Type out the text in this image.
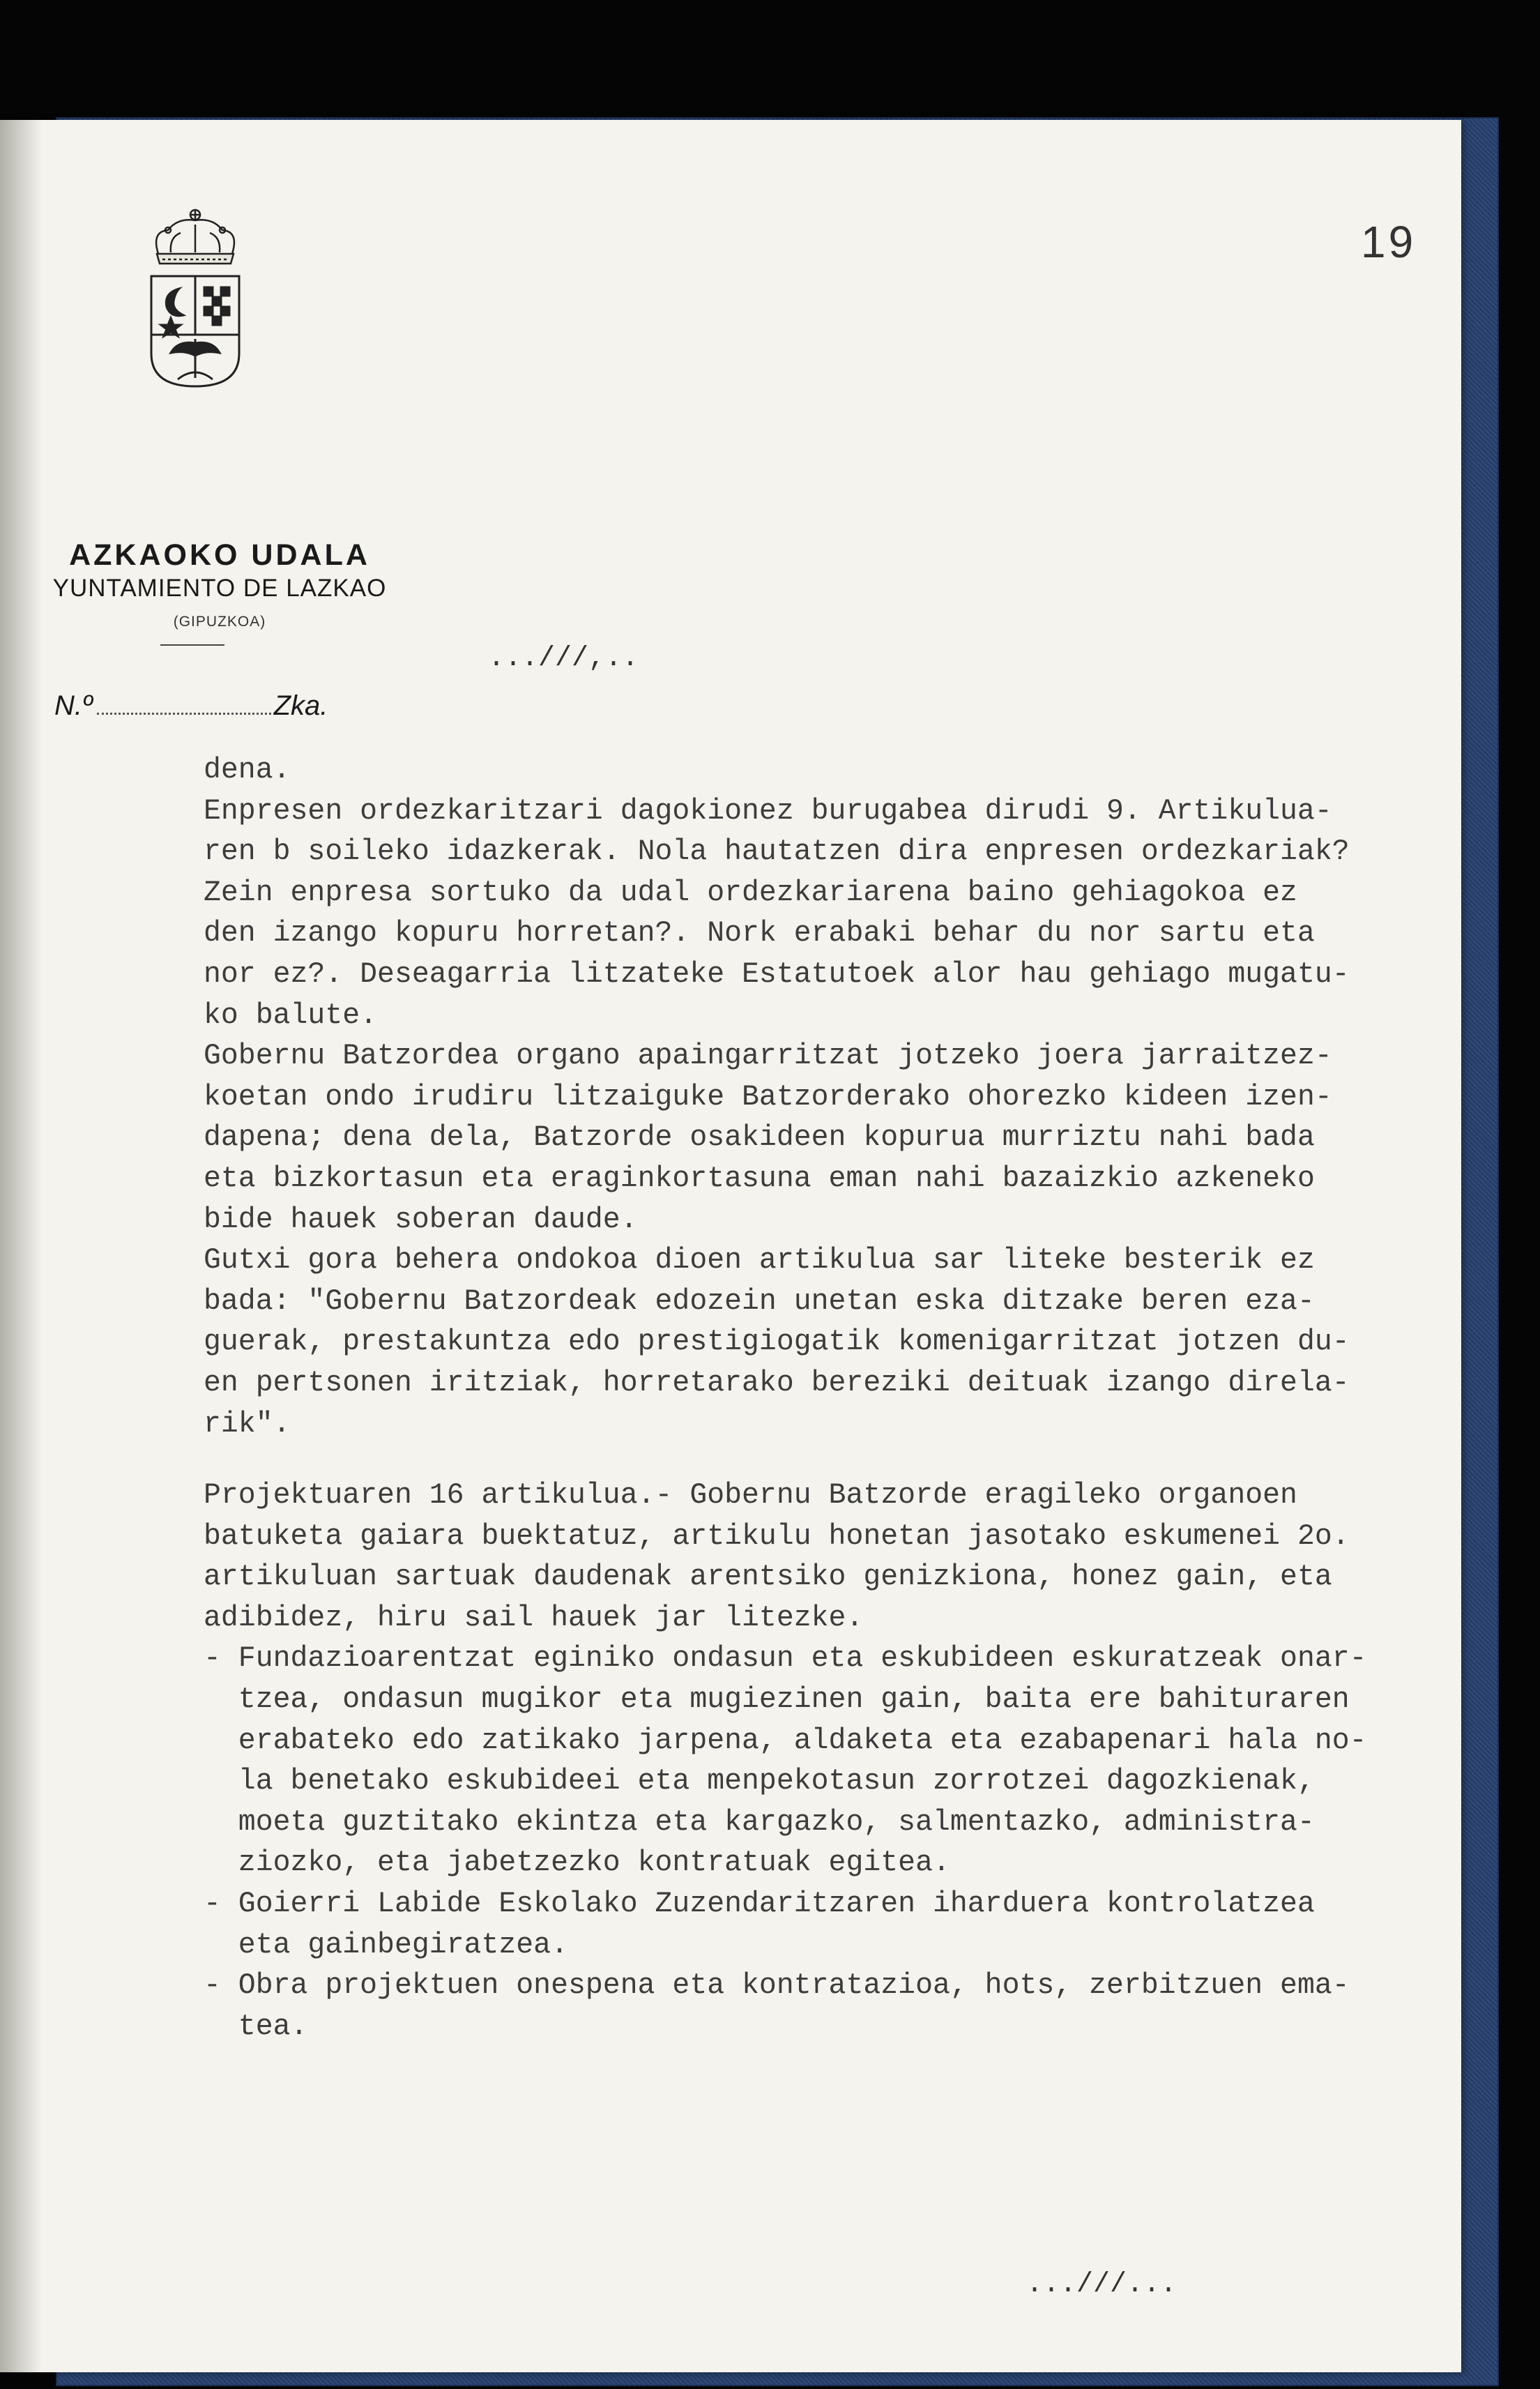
AZKAOKO UDALA
YUNTAMIENTO DE LAZKAO
(GIPUZKOA)
N.º	Zka.
19
...///,..
dena.
Enpresen ordezkaritzari dagokionez burugabea dirudi 9. Artikulua-
ren b soileko idazkerak. Nola hautatzen dira enpresen ordezkariak?
Zein enpresa sortuko da udal ordezkariarena baino gehiagokoa ez
den izango kopuru horretan?. Nork erabaki behar du nor sartu eta
nor ez?. Deseagarria litzateke Estatutoek alor hau gehiago mugatu-
ko balute.
Gobernu Batzordea organo apaingarritzat jotzeko joera jarraitzez-
koetan ondo irudiru litzaiguke Batzorderako ohorezko kideen izen-
dapena; dena dela, Batzorde osakideen kopurua murriztu nahi bada
eta bizkortasun eta eraginkortasuna eman nahi bazaizkio azkeneko
bide hauek soberan daude.
Gutxi gora behera ondokoa dioen artikulua sar liteke besterik ez
bada: "Gobernu Batzordeak edozein unetan eska ditzake beren eza-
guerak, prestakuntza edo prestigiogatik komenigarritzat jotzen du-
en pertsonen iritziak, horretarako bereziki deituak izango direla-
rik".
Projektuaren 16 artikulua.- Gobernu Batzorde eragileko organoen
batuketa gaiara buektatuz, artikulu honetan jasotako eskumenei 2o.
artikuluan sartuak daudenak arentsiko genizkiona, honez gain, eta
adibidez, hiru sail hauek jar litezke.
- Fundazioarentzat eginiko ondasun eta eskubideen eskuratzeak onar-
tzea, ondasun mugikor eta mugiezinen gain, baita ere bahituraren
erabateko edo zatikako jarpena, aldaketa eta ezabapenari hala no-
la benetako eskubideei eta menpekotasun zorrotzei dagozkienak,
moeta guztitako ekintza eta kargazko, salmentazko, administra-
ziozko, eta jabetzezko kontratuak egitea.
- Goierri Labide Eskolako Zuzendaritzaren iharduera kontrolatzea
eta gainbegiratzea.
- Obra projektuen onespena eta kontratazioa, hots, zerbitzuen ema-
tea.
...///...
